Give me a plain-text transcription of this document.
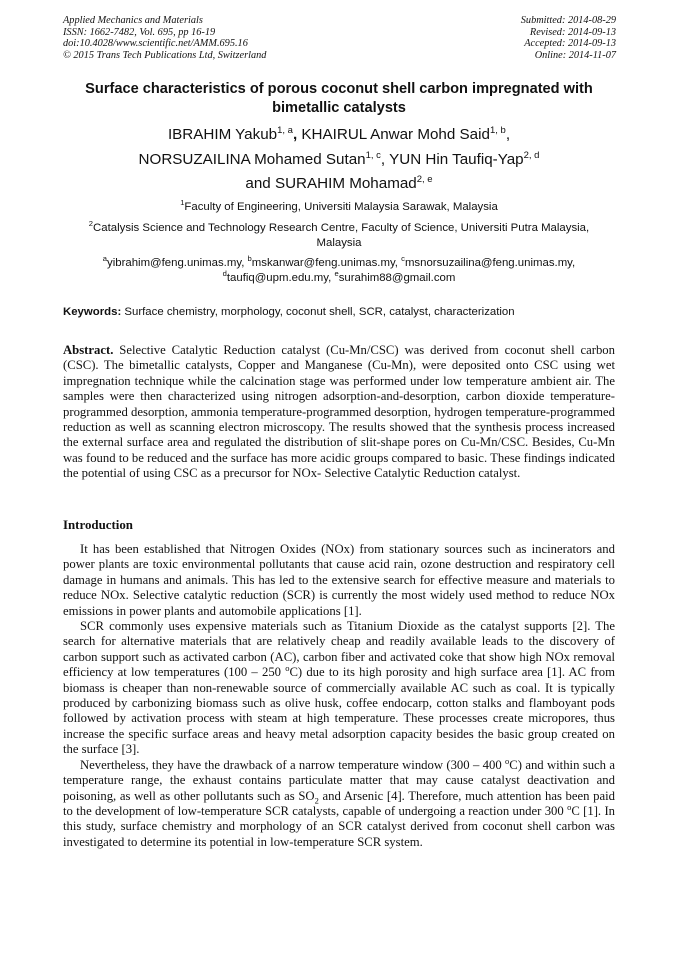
Applied Mechanics and Materials
ISSN: 1662-7482, Vol. 695, pp 16-19
doi:10.4028/www.scientific.net/AMM.695.16
© 2015 Trans Tech Publications Ltd, Switzerland
Submitted: 2014-08-29
Revised: 2014-09-13
Accepted: 2014-09-13
Online: 2014-11-07
Surface characteristics of porous coconut shell carbon impregnated with bimetallic catalysts
IBRAHIM Yakub$^{1, a}$, KHAIRUL Anwar Mohd Said$^{1, b}$,
NORSUZAILINA Mohamed Sutan$^{1, c}$, YUN Hin Taufiq-Yap$^{2, d}$
and SURAHIM Mohamad$^{2, e}$
$^1$Faculty of Engineering, Universiti Malaysia Sarawak, Malaysia
$^2$Catalysis Science and Technology Research Centre, Faculty of Science, Universiti Putra Malaysia, Malaysia
$^a$yibrahim@feng.unimas.my, $^b$mskanwar@feng.unimas.my, $^c$msnorsuzailina@feng.unimas.my,
$^d$taufiq@upm.edu.my, $^e$surahim88@gmail.com
Keywords: Surface chemistry, morphology, coconut shell, SCR, catalyst, characterization
Abstract. Selective Catalytic Reduction catalyst (Cu-Mn/CSC) was derived from coconut shell carbon (CSC). The bimetallic catalysts, Copper and Manganese (Cu-Mn), were deposited onto CSC using wet impregnation technique while the calcination stage was performed under low temperature ambient air. The samples were then characterized using nitrogen adsorption-and-desorption, carbon dioxide temperature-programmed desorption, ammonia temperature-programmed desorption, hydrogen temperature-programmed reduction as well as scanning electron microscopy. The results showed that the synthesis process increased the external surface area and regulated the distribution of slit-shape pores on Cu-Mn/CSC. Besides, Cu-Mn was found to be reduced and the surface has more acidic groups compared to basic. These findings indicated the potential of using CSC as a precursor for NOx- Selective Catalytic Reduction catalyst.
Introduction

It has been established that Nitrogen Oxides (NOx) from stationary sources such as incinerators and power plants are toxic environmental pollutants that cause acid rain, ozone destruction and respiratory cell damage in humans and animals. This has led to the extensive search for effective measure and materials to reduce NOx. Selective catalytic reduction (SCR) is currently the most widely used method to reduce NOx emissions in power plants and automobile applications [1].

SCR commonly uses expensive materials such as Titanium Dioxide as the catalyst supports [2]. The search for alternative materials that are relatively cheap and readily available leads to the discovery of carbon support such as activated carbon (AC), carbon fiber and activated coke that show high NOx removal efficiency at low temperatures (100 – 250 $^o$C) due to its high porosity and high surface area [1]. AC from biomass is cheaper than non-renewable source of commercially available AC such as coal. It is typically produced by carbonizing biomass such as olive husk, coffee endocarp, cotton stalks and flamboyant pods followed by activation process with steam at high temperature. These processes create micropores, thus increase the specific surface areas and heavy metal adsorption capacity besides the basic group created on the surface [3].

Nevertheless, they have the drawback of a narrow temperature window (300 – 400 $^o$C) and within such a temperature range, the exhaust contains particulate matter that may cause catalyst deactivation and poisoning, as well as other pollutants such as $SO_2$ and Arsenic [4]. Therefore, much attention has been paid to the development of low-temperature SCR catalysts, capable of undergoing a reaction under 300 $^o$C [1]. In this study, surface chemistry and morphology of an SCR catalyst derived from coconut shell carbon was investigated to determine its potential in low-temperature SCR system.
